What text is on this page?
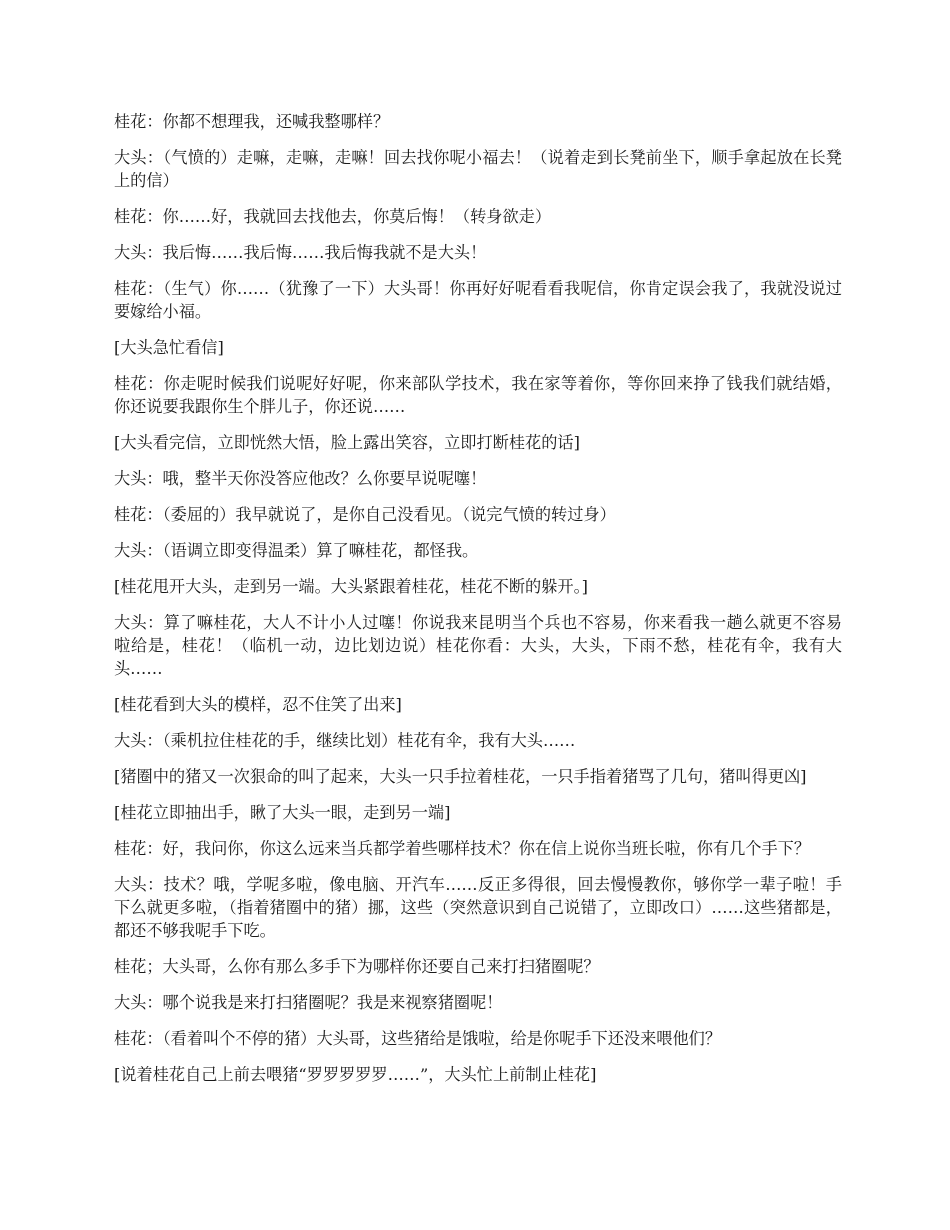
桂花：你都不想理我，还喊我整哪样？

大头：（气愤的）走嘛，走嘛，走嘛！回去找你呢小福去！（说着走到长凳前坐下，顺手拿起放在长凳上的信）

桂花：你……好，我就回去找他去，你莫后悔！（转身欲走）

大头：我后悔……我后悔……我后悔我就不是大头！

桂花：（生气）你……（犹豫了一下）大头哥！你再好好呢看看我呢信，你肯定误会我了，我就没说过要嫁给小福。

[大头急忙看信]

桂花：你走呢时候我们说呢好好呢，你来部队学技术，我在家等着你，等你回来挣了钱我们就结婚，你还说要我跟你生个胖儿子，你还说……

[大头看完信，立即恍然大悟，脸上露出笑容，立即打断桂花的话]

大头：哦，整半天你没答应他改？么你要早说呢噻！

桂花：（委屈的）我早就说了，是你自己没看见。（说完气愤的转过身）

大头：（语调立即变得温柔）算了嘛桂花，都怪我。

[桂花甩开大头，走到另一端。大头紧跟着桂花，桂花不断的躲开。]

大头：算了嘛桂花，大人不计小人过噻！你说我来昆明当个兵也不容易，你来看我一趟么就更不容易啦给是，桂花！（临机一动，边比划边说）桂花你看：大头，大头，下雨不愁，桂花有伞，我有大头……

[桂花看到大头的模样，忍不住笑了出来]

大头：（乘机拉住桂花的手，继续比划）桂花有伞，我有大头……

[猪圈中的猪又一次狠命的叫了起来，大头一只手拉着桂花，一只手指着猪骂了几句，猪叫得更凶]

[桂花立即抽出手，瞅了大头一眼，走到另一端]

桂花：好，我问你，你这么远来当兵都学着些哪样技术？你在信上说你当班长啦，你有几个手下？

大头：技术？哦，学呢多啦，像电脑、开汽车……反正多得很，回去慢慢教你，够你学一辈子啦！手下么就更多啦，（指着猪圈中的猪）挪，这些（突然意识到自己说错了，立即改口）……这些猪都是，都还不够我呢手下吃。

桂花；大头哥，么你有那么多手下为哪样你还要自己来打扫猪圈呢？

大头：哪个说我是来打扫猪圈呢？我是来视察猪圈呢！

桂花：（看着叫个不停的猪）大头哥，这些猪给是饿啦，给是你呢手下还没来喂他们？

[说着桂花自己上前去喂猪“罗罗罗罗罗……”，大头忙上前制止桂花]
